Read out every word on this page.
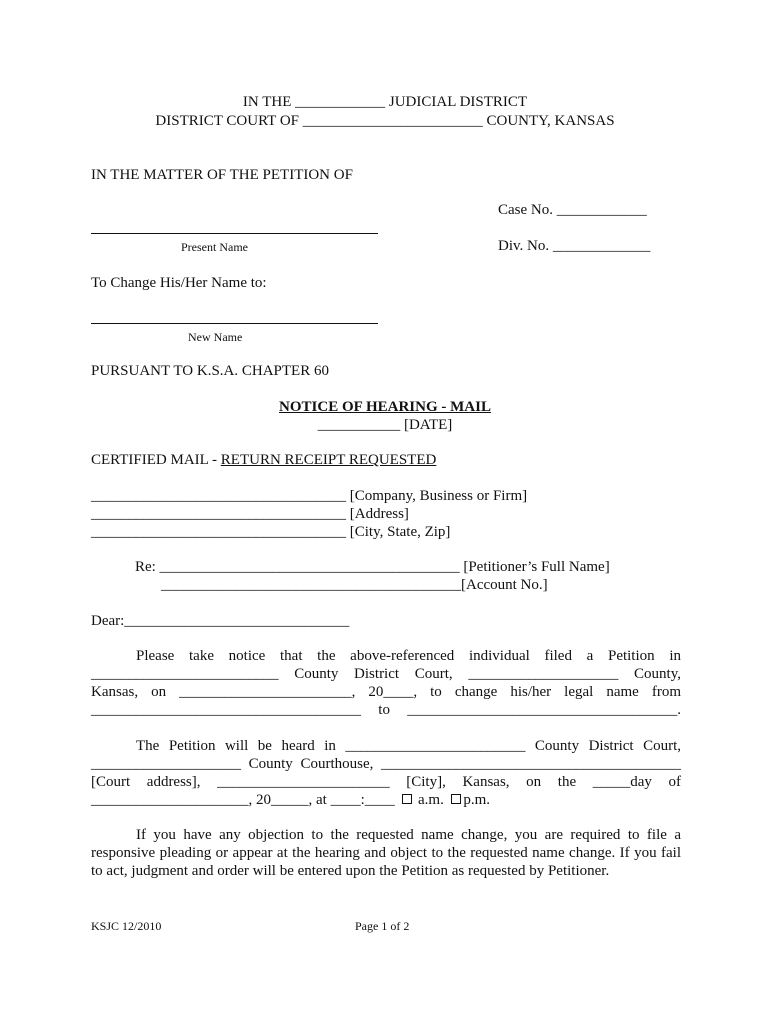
IN THE ____________ JUDICIAL DISTRICT
DISTRICT COURT OF ________________________ COUNTY, KANSAS
IN THE MATTER OF THE PETITION OF
Case No. ____________
Present Name	Div. No. _____________
To Change His/Her Name to:
New Name
PURSUANT TO K.S.A. CHAPTER 60
NOTICE OF HEARING - MAIL
___________ [DATE]
CERTIFIED MAIL - RETURN RECEIPT REQUESTED
__________________________________ [Company, Business or Firm]
__________________________________ [Address]
__________________________________ [City, State, Zip]
Re: ________________________________________ [Petitioner’s Full Name]
________________________________________[Account No.]
Dear:______________________________
Please take notice that the above-referenced individual filed a Petition in
_________________________ County District Court, ____________________ County,
Kansas, on _______________________, 20____, to change his/her legal name from
____________________________________ to ____________________________________.
The Petition will be heard in ________________________ County District Court,
____________________ County Courthouse, ________________________________________
[Court address], _______________________ [City], Kansas, on the _____day of
_____________________, 20_____, at ____:____ a.m. p.m.
If you have any objection to the requested name change, you are required to file a
responsive pleading or appear at the hearing and object to the requested name change. If you fail
to act, judgment and order will be entered upon the Petition as requested by Petitioner.
KSJC 12/2010	Page 1 of 2
